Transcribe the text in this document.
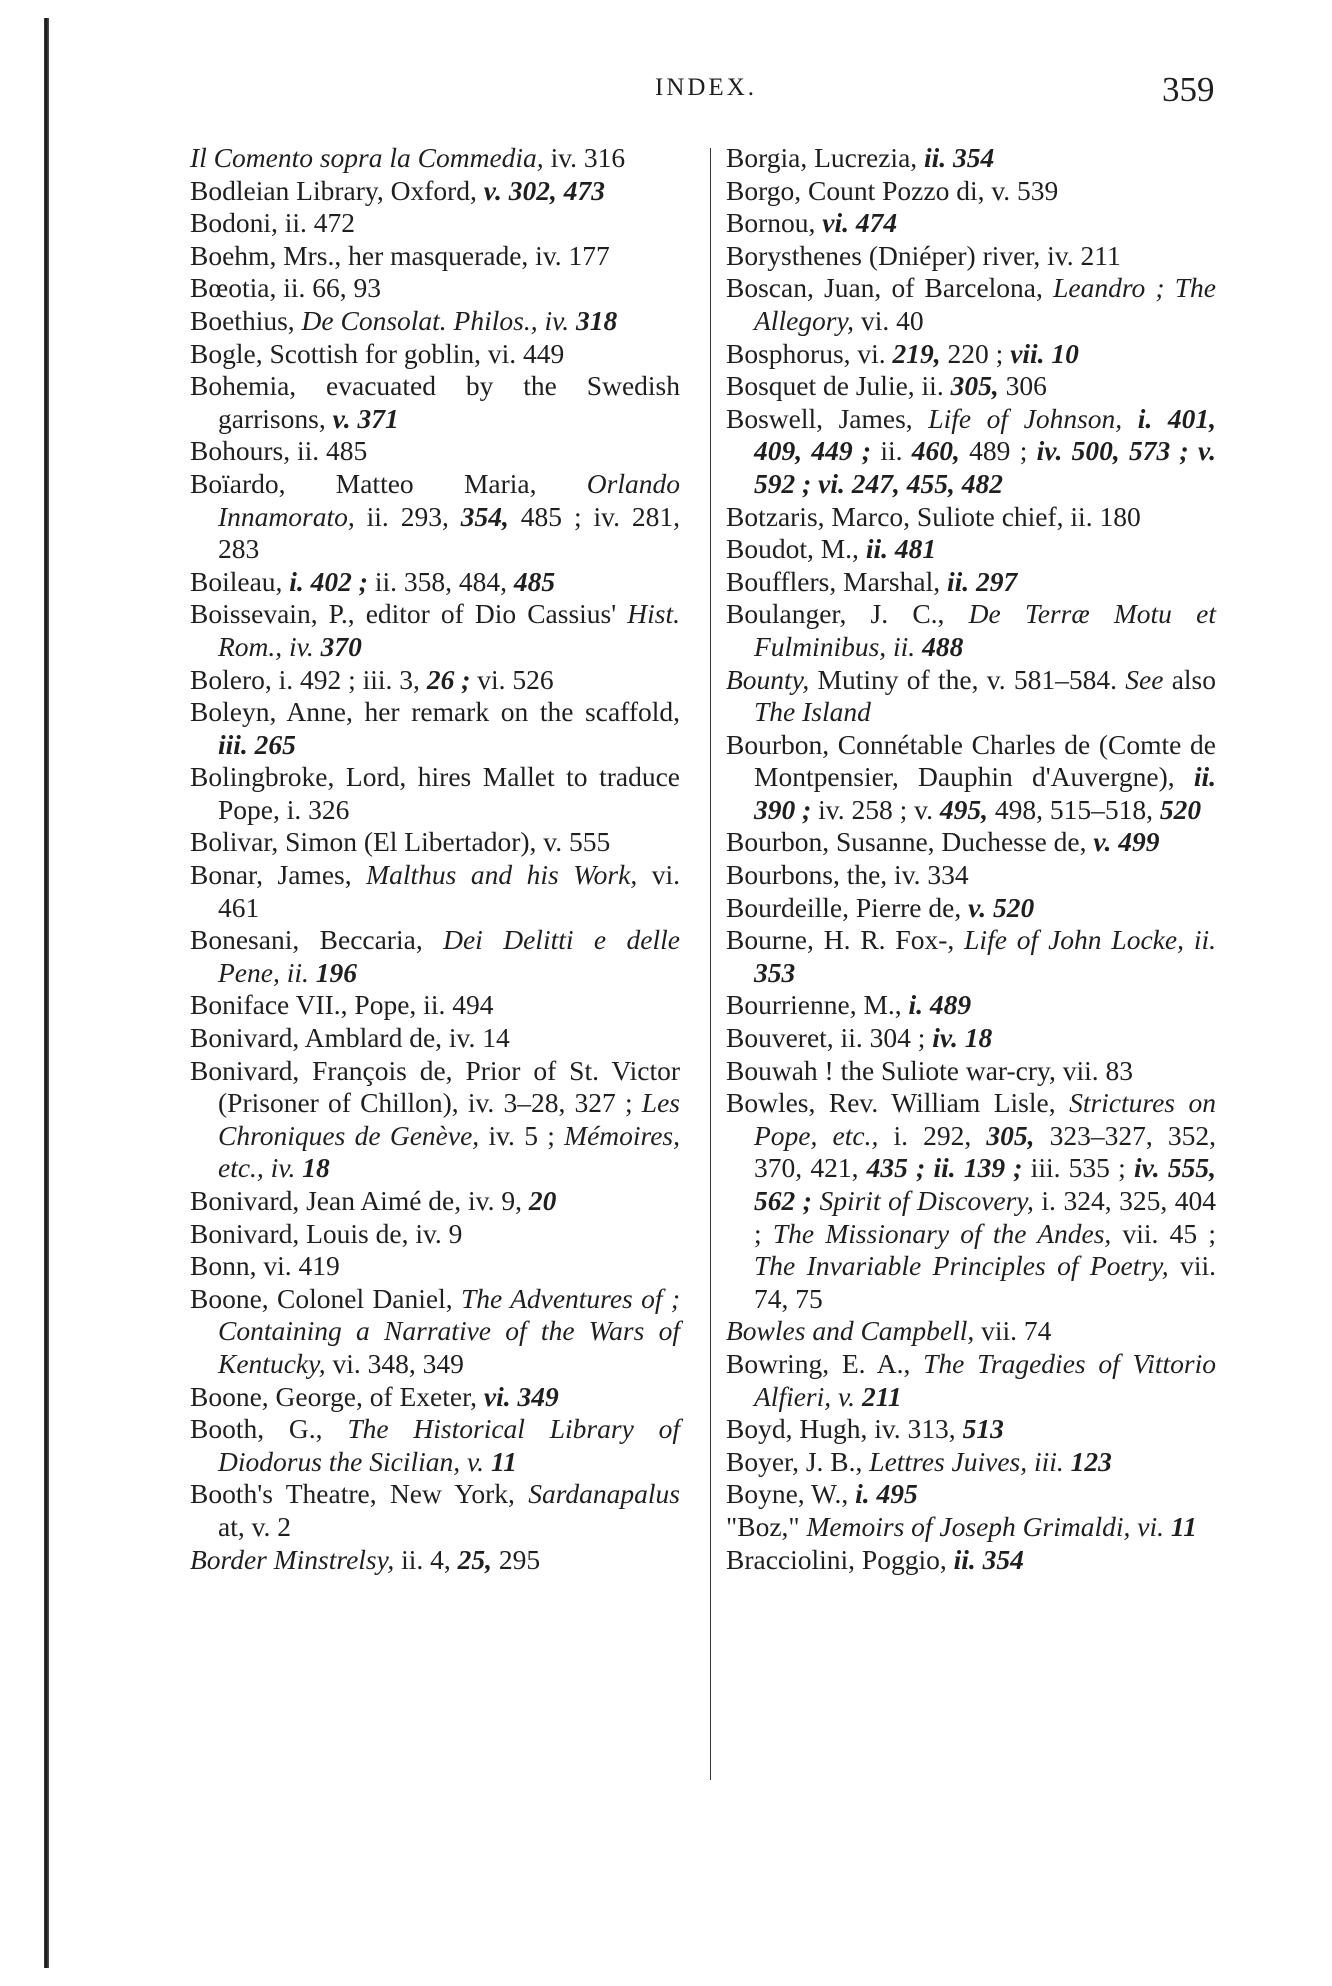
INDEX.	359
Il Comento sopra la Commedia, iv. 316
Bodleian Library, Oxford, v. 302, 473
Bodoni, ii. 472
Boehm, Mrs., her masquerade, iv. 177
Bœotia, ii. 66, 93
Boethius, De Consolat. Philos., iv. 318
Bogle, Scottish for goblin, vi. 449
Bohemia, evacuated by the Swedish garrisons, v. 371
Bohours, ii. 485
Boïardo, Matteo Maria, Orlando Innamorato, ii. 293, 354, 485 ; iv. 281, 283
Boileau, i. 402 ; ii. 358, 484, 485
Boissevain, P., editor of Dio Cassius' Hist. Rom., iv. 370
Bolero, i. 492 ; iii. 3, 26 ; vi. 526
Boleyn, Anne, her remark on the scaffold, iii. 265
Bolingbroke, Lord, hires Mallet to traduce Pope, i. 326
Bolivar, Simon (El Libertador), v. 555
Bonar, James, Malthus and his Work, vi. 461
Bonesani, Beccaria, Dei Delitti e delle Pene, ii. 196
Boniface VII., Pope, ii. 494
Bonivard, Amblard de, iv. 14
Bonivard, François de, Prior of St. Victor (Prisoner of Chillon), iv. 3–28, 327 ; Les Chroniques de Genève, iv. 5 ; Mémoires, etc., iv. 18
Bonivard, Jean Aimé de, iv. 9, 20
Bonivard, Louis de, iv. 9
Bonn, vi. 419
Boone, Colonel Daniel, The Adventures of ; Containing a Narrative of the Wars of Kentucky, vi. 348, 349
Boone, George, of Exeter, vi. 349
Booth, G., The Historical Library of Diodorus the Sicilian, v. 11
Booth's Theatre, New York, Sardanapalus at, v. 2
Border Minstrelsy, ii. 4, 25, 295
Borgia, Lucrezia, ii. 354
Borgo, Count Pozzo di, v. 539
Bornou, vi. 474
Borysthenes (Dniéper) river, iv. 211
Boscan, Juan, of Barcelona, Leandro ; The Allegory, vi. 40
Bosphorus, vi. 219, 220 ; vii. 10
Bosquet de Julie, ii. 305, 306
Boswell, James, Life of Johnson, i. 401, 409, 449 ; ii. 460, 489 ; iv. 500, 573 ; v. 592 ; vi. 247, 455, 482
Botzaris, Marco, Suliote chief, ii. 180
Boudot, M., ii. 481
Boufflers, Marshal, ii. 297
Boulanger, J. C., De Terræ Motu et Fulminibus, ii. 488
Bounty, Mutiny of the, v. 581–584. See also The Island
Bourbon, Connétable Charles de (Comte de Montpensier, Dauphin d'Auvergne), ii. 390 ; iv. 258 ; v. 495, 498, 515–518, 520
Bourbon, Susanne, Duchesse de, v. 499
Bourbons, the, iv. 334
Bourdeille, Pierre de, v. 520
Bourne, H. R. Fox-, Life of John Locke, ii. 353
Bourrienne, M., i. 489
Bouveret, ii. 304 ; iv. 18
Bouwah ! the Suliote war-cry, vii. 83
Bowles, Rev. William Lisle, Strictures on Pope, etc., i. 292, 305, 323–327, 352, 370, 421, 435 ; ii. 139 ; iii. 535 ; iv. 555, 562 ; Spirit of Discovery, i. 324, 325, 404 ; The Missionary of the Andes, vii. 45 ; The Invariable Principles of Poetry, vii. 74, 75
Bowles and Campbell, vii. 74
Bowring, E. A., The Tragedies of Vittorio Alfieri, v. 211
Boyd, Hugh, iv. 313, 513
Boyer, J. B., Lettres Juives, iii. 123
Boyne, W., i. 495
"Boz," Memoirs of Joseph Grimaldi, vi. 11
Bracciolini, Poggio, ii. 354
